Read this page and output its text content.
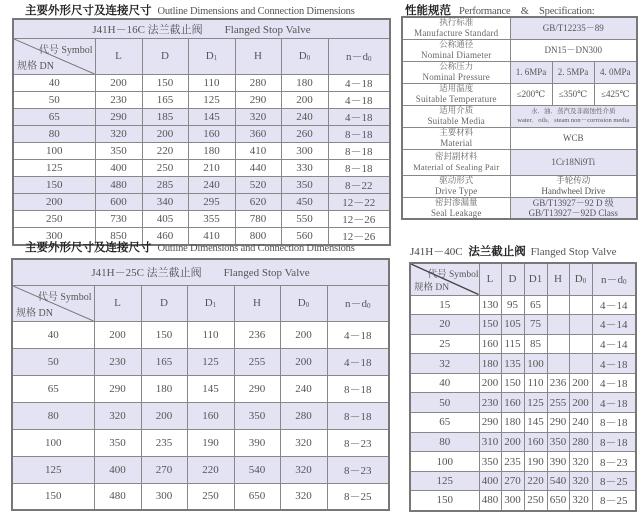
主要外形尺寸及连接尺寸 Outline Dimensions and Connection Dimensions
J41H－16C 法兰截止阀　　Flanged Stop Valve						

代号 Symbol
规格 DN	L	D	D1	H	D0	n－d0
40	200	150	110	280	180	4－18
50	230	165	125	290	200	4－18
65	290	185	145	320	240	4－18
80	320	200	160	360	260	8－18
100	350	220	180	410	300	8－18
125	400	250	210	440	330	8－18
150	480	285	240	520	350	8－22
200	600	340	295	620	450	12－22
250	730	405	355	780	550	12－26
300	850	460	410	800	560	12－26
性能规范 Performance　&　Specification:
执行标准
Manufacture Standard	GB/T12235－89		

公称通径
Nominal Diameter	DN15－DN300		

公称压力
Nominal Pressure	1. 6MPa	2. 5MPa	4. 0MPa

适用温度
Suitable Temperature	≤200℃	≤350℃	≤425℃

适用介质
Suitable Media	水．油．蒸汽及非腐蚀性介质
water．oils．steam non－corrosion media		

主要材料
Material	WCB		

密封副材料
Material of Sealing Pair	1Cr18Ni9Ti		

驱动形式
Drive Type	手轮传动
Handwheel Drive		

密封渗漏量
Seal Leakage	GB/T13927－92 D 级
GB/T13927－92D Class		
主要外形尺寸及连接尺寸 Outline Dimensions and Connection Dimensions
J41H－25C 法兰截止阀　　Flanged Stop Valve						

代号 Symbol
规格 DN	L	D	D1	H	D0	n－d0
40	200	150	110	236	200	4－18
50	230	165	125	255	200	4－18
65	290	180	145	290	240	8－18
80	320	200	160	350	280	8－18
100	350	235	190	390	320	8－23
125	400	270	220	540	320	8－23
150	480	300	250	650	320	8－25
J41H－40C 法兰截止阀 Flanged Stop Valve
代号 Symbol
规格 DN	L	D	D1	H	D0	n－d0
15	130	95	65			4－14
20	150	105	75			4－14
25	160	115	85			4－14
32	180	135	100			4－18
40	200	150	110	236	200	4－18
50	230	160	125	255	200	4－18
65	290	180	145	290	240	8－18
80	310	200	160	350	280	8－18
100	350	235	190	390	320	8－23
125	400	270	220	540	320	8－25
150	480	300	250	650	320	8－25
